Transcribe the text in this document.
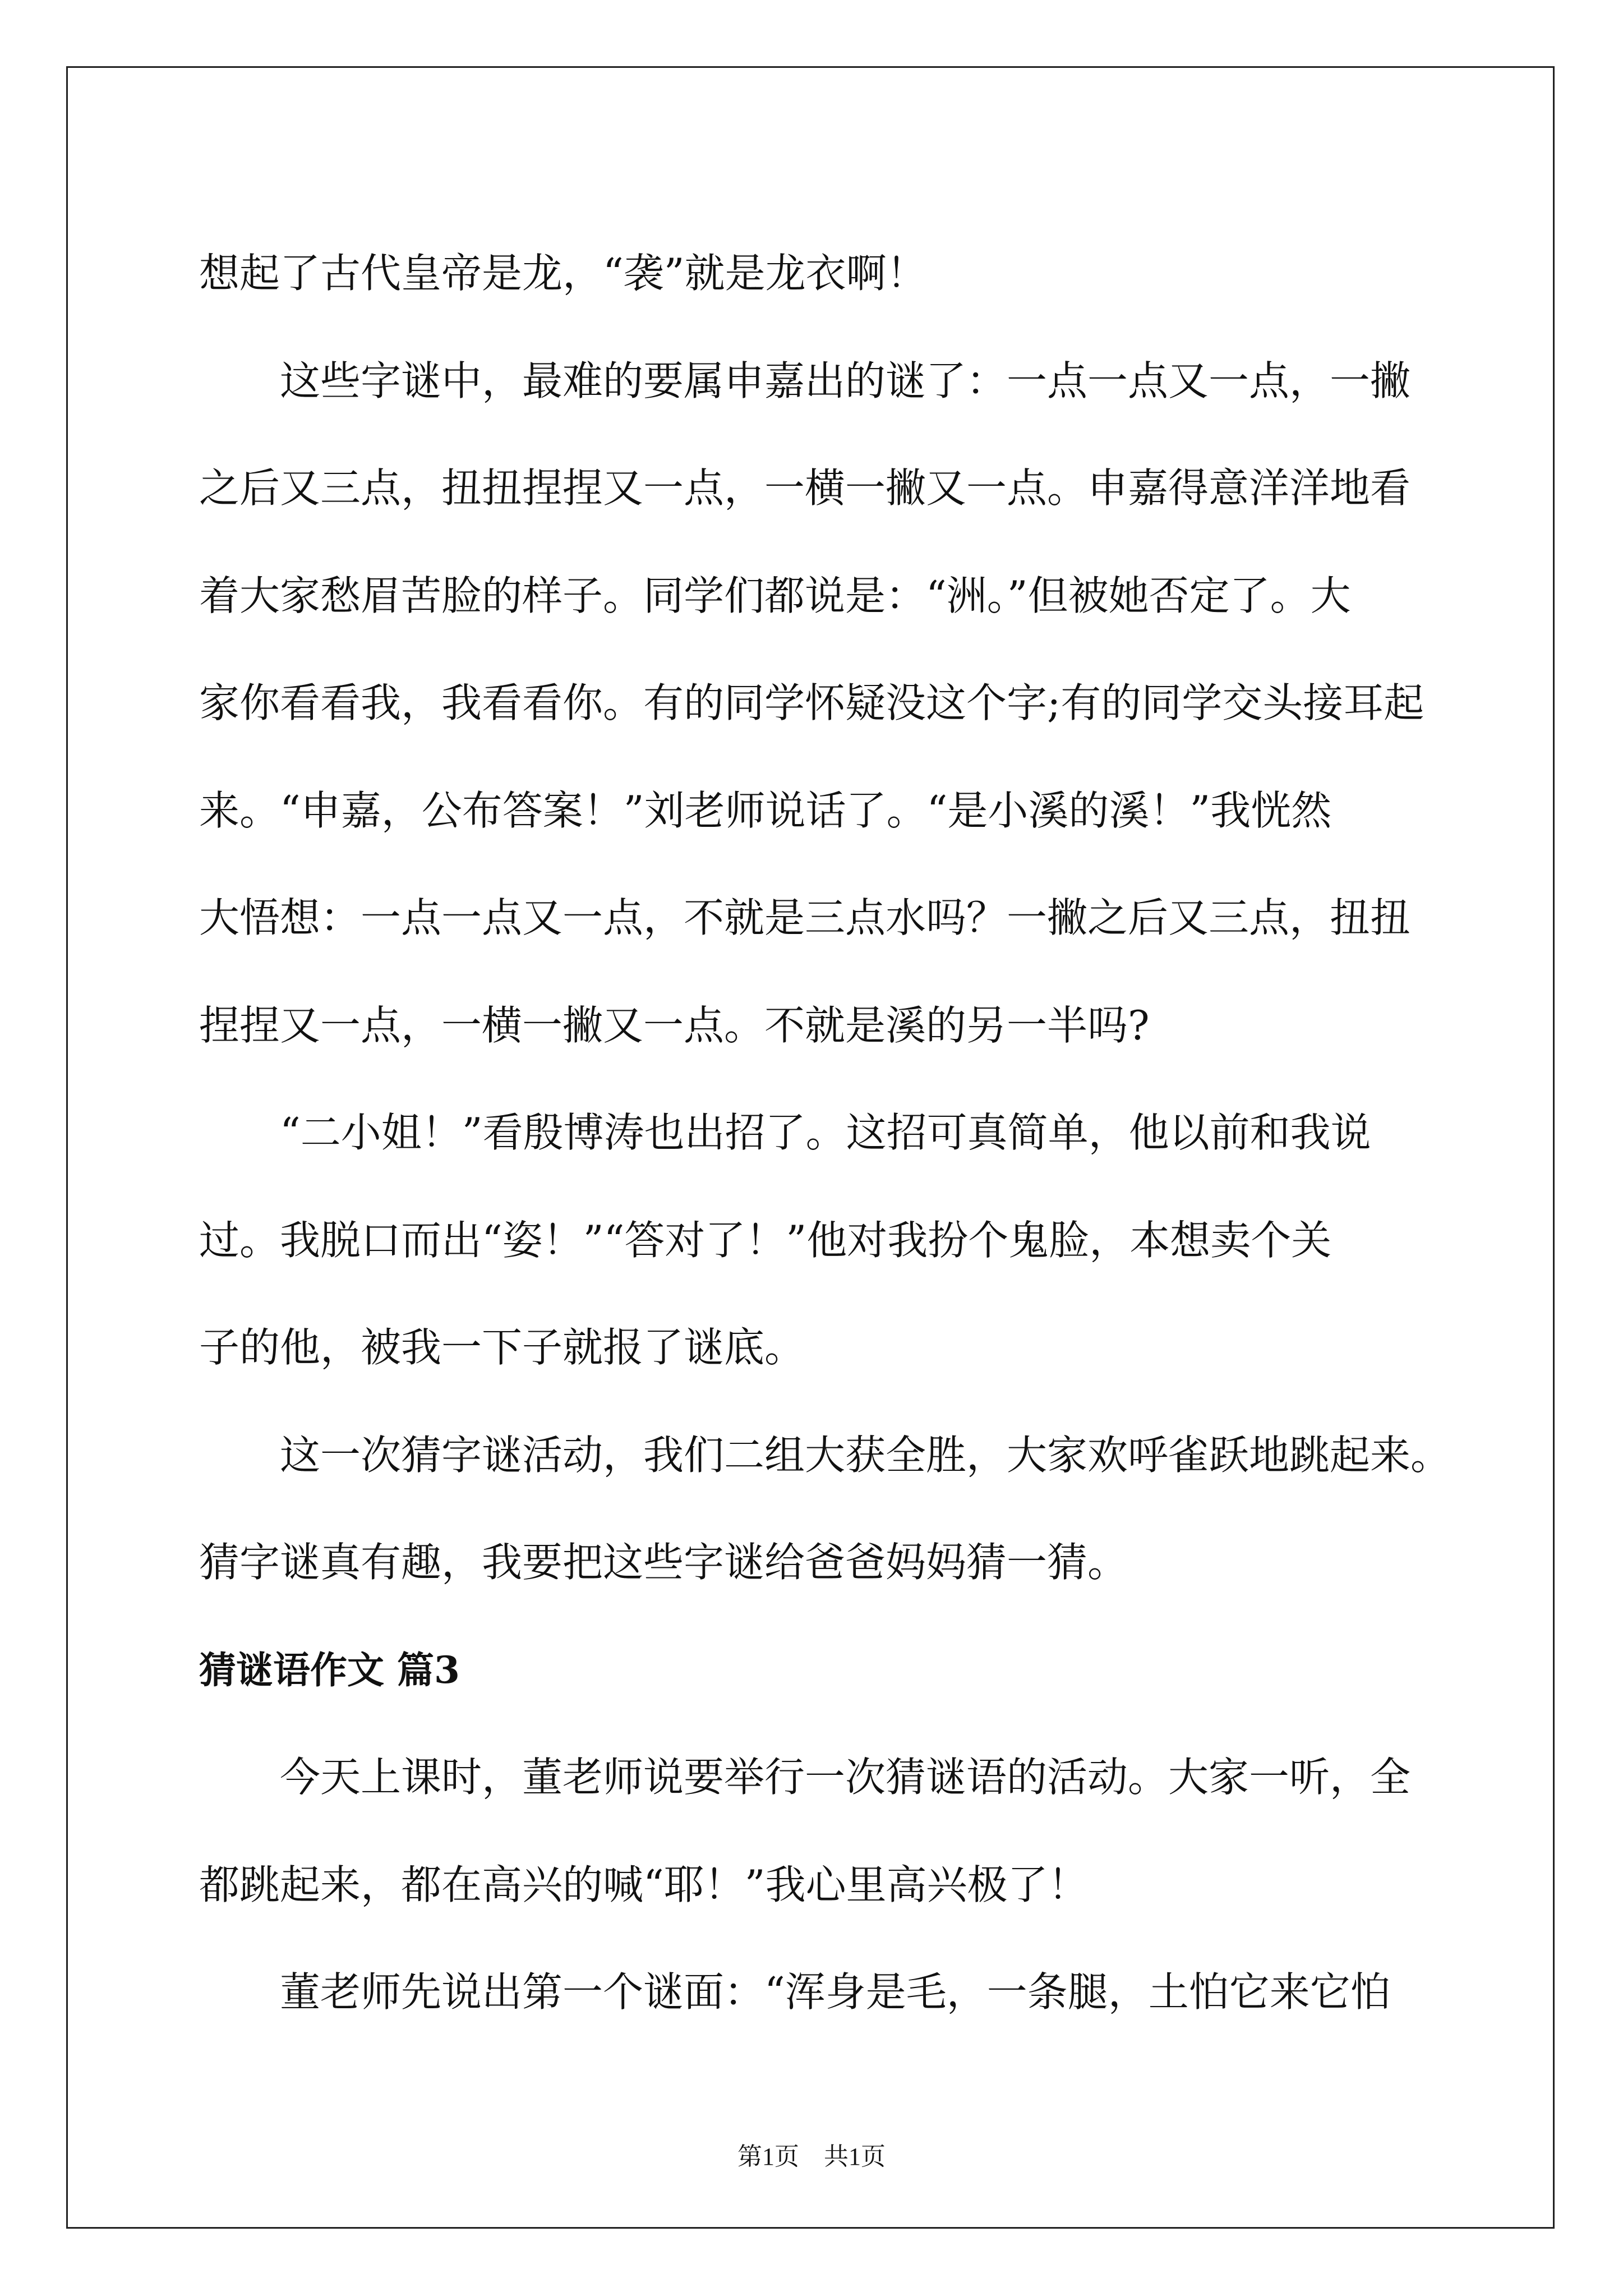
想起了古代皇帝是龙，“袭”就是龙衣啊！

这些字谜中，最难的要属申嘉出的谜了：一点一点又一点，一撇
之后又三点，扭扭捏捏又一点，一横一撇又一点。申嘉得意洋洋地看
着大家愁眉苦脸的样子。同学们都说是：“洲。”但被她否定了。大
家你看看我，我看看你。有的同学怀疑没这个字;有的同学交头接耳起
来。“申嘉，公布答案！”刘老师说话了。“是小溪的溪！”我恍然
大悟想：一点一点又一点，不就是三点水吗？一撇之后又三点，扭扭
捏捏又一点，一横一撇又一点。不就是溪的另一半吗?

“二小姐！”看殷博涛也出招了。这招可真简单，他以前和我说
过。我脱口而出“姿！”“答对了！”他对我扮个鬼脸，本想卖个关
子的他，被我一下子就报了谜底。

这一次猜字谜活动，我们二组大获全胜，大家欢呼雀跃地跳起来。
猜字谜真有趣，我要把这些字谜给爸爸妈妈猜一猜。

猜谜语作文 篇3

今天上课时，董老师说要举行一次猜谜语的活动。大家一听，全
都跳起来，都在高兴的喊“耶！”我心里高兴极了！

董老师先说出第一个谜面：“浑身是毛，一条腿，土怕它来它怕

第1页　共1页
